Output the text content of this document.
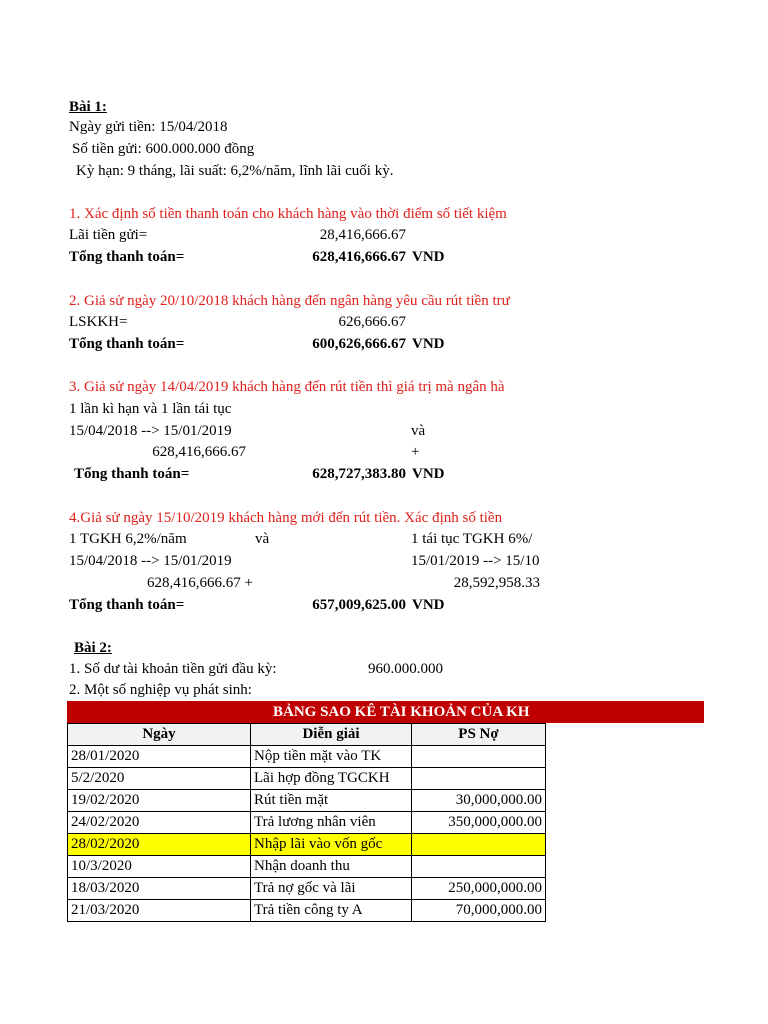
Bài 1:
Ngày gửi tiền: 15/04/2018
Số tiền gửi: 600.000.000 đồng
Kỳ hạn: 9 tháng, lãi suất: 6,2%/năm, lĩnh lãi cuối kỳ.
1. Xác định số tiền thanh toán cho khách hàng vào thời điểm sổ tiết kiệm
Lãi tiền gửi=	28,416,666.67
Tổng thanh toán=	628,416,666.67 VND
2. Giả sử ngày 20/10/2018 khách hàng đến ngân hàng yêu cầu rút tiền trư
LSKKH=	626,666.67
Tổng thanh toán=	600,626,666.67 VND
3. Giả sử ngày 14/04/2019 khách hàng đến rút tiền thì giá trị mà ngân hà
1 lần kì hạn và 1 lần tái tục
15/04/2018 --> 15/01/2019	và
628,416,666.67	+
Tổng thanh toán=	628,727,383.80 VND
4.Giả sử ngày 15/10/2019 khách hàng mới đến rút tiền. Xác định số tiền
1 TGKH 6,2%/năm	và	1 tái tục TGKH 6%/
15/04/2018 --> 15/01/2019	15/01/2019 --> 15/10
628,416,666.67 +	28,592,958.33
Tổng thanh toán=	657,009,625.00 VND
Bài 2:
1. Số dư tài khoản tiền gửi đầu kỳ:	960.000.000
2. Một số nghiệp vụ phát sinh:
Ngày	Diễn giải	PS Nợ
28/01/2020	Nộp tiền mặt vào TK	
5/2/2020	Lãi hợp đồng TGCKH	
19/02/2020	Rút tiền mặt	30,000,000.00
24/02/2020	Trả lương nhân viên	350,000,000.00
28/02/2020	Nhập lãi vào vốn gốc	
10/3/2020	Nhận doanh thu	
18/03/2020	Trả nợ gốc và lãi	250,000,000.00
21/03/2020	Trả tiền công ty A	70,000,000.00
BẢNG SAO KÊ TÀI KHOẢN CỦA KH
